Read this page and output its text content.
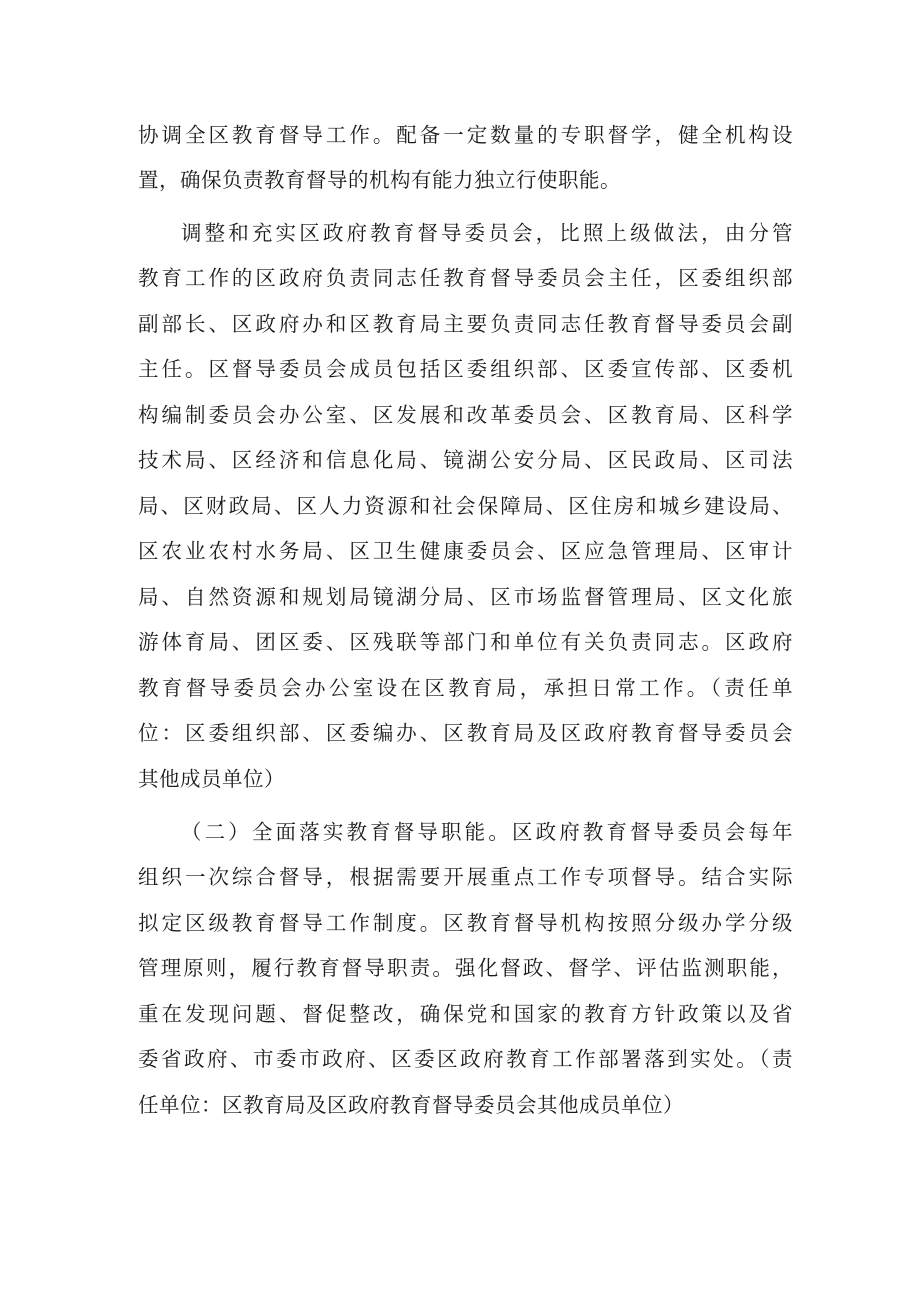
协调全区教育督导工作。配备一定数量的专职督学，健全机构设
置，确保负责教育督导的机构有能力独立行使职能。
调整和充实区政府教育督导委员会，比照上级做法，由分管
教育工作的区政府负责同志任教育督导委员会主任，区委组织部
副部长、区政府办和区教育局主要负责同志任教育督导委员会副
主任。区督导委员会成员包括区委组织部、区委宣传部、区委机
构编制委员会办公室、区发展和改革委员会、区教育局、区科学
技术局、区经济和信息化局、镜湖公安分局、区民政局、区司法
局、区财政局、区人力资源和社会保障局、区住房和城乡建设局、
区农业农村水务局、区卫生健康委员会、区应急管理局、区审计
局、自然资源和规划局镜湖分局、区市场监督管理局、区文化旅
游体育局、团区委、区残联等部门和单位有关负责同志。区政府
教育督导委员会办公室设在区教育局，承担日常工作。（责任单
位：区委组织部、区委编办、区教育局及区政府教育督导委员会
其他成员单位）
（二）全面落实教育督导职能。区政府教育督导委员会每年
组织一次综合督导，根据需要开展重点工作专项督导。结合实际
拟定区级教育督导工作制度。区教育督导机构按照分级办学分级
管理原则，履行教育督导职责。强化督政、督学、评估监测职能，
重在发现问题、督促整改，确保党和国家的教育方针政策以及省
委省政府、市委市政府、区委区政府教育工作部署落到实处。（责
任单位：区教育局及区政府教育督导委员会其他成员单位）
